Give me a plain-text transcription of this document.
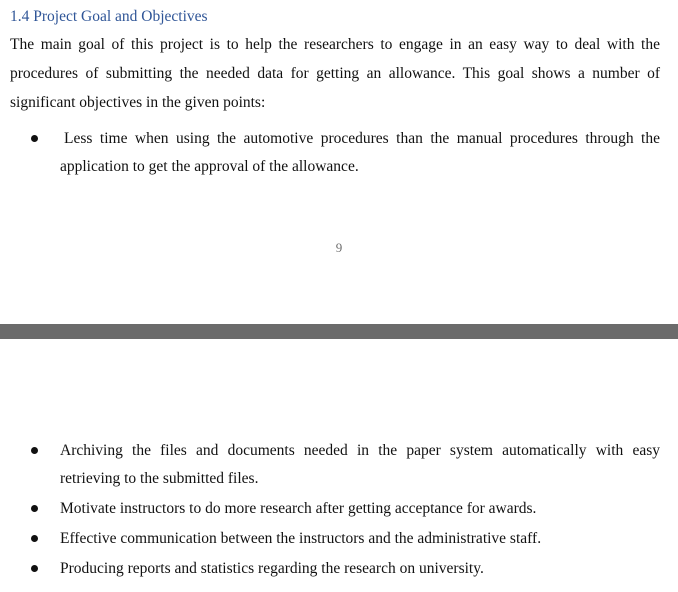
1.4 Project Goal and Objectives
The main goal of this project is to help the researchers to engage in an easy way to deal with the procedures of submitting the needed data for getting an allowance. This goal shows a number of significant objectives in the given points:
Less time when using the automotive procedures than the manual procedures through the application to get the approval of the allowance.
9
Archiving the files and documents needed in the paper system automatically with easy retrieving to the submitted files.
Motivate instructors to do more research after getting acceptance for awards.
Effective communication between the instructors and the administrative staff.
Producing reports and statistics regarding the research on university.
